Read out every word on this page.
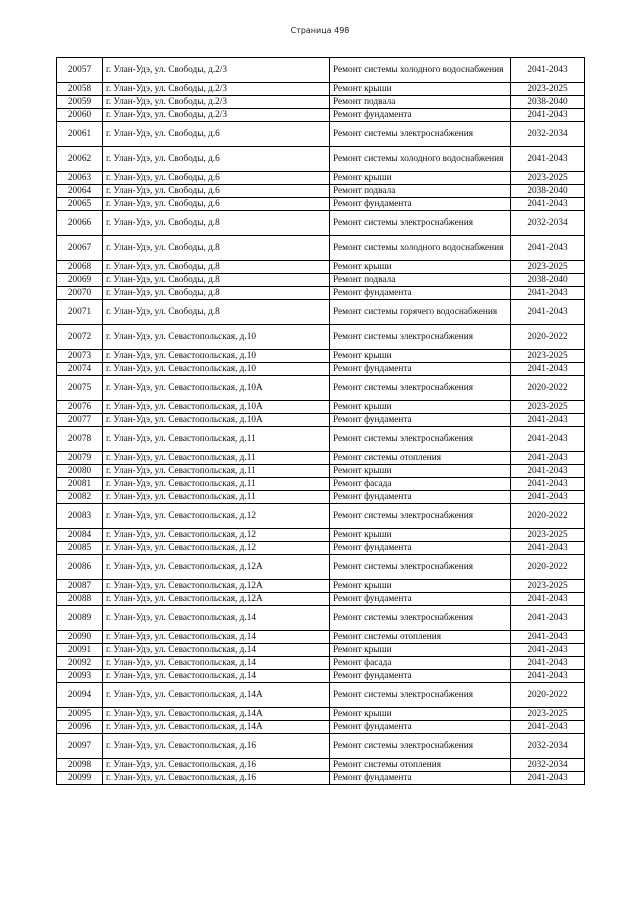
Страница 498
20057	г. Улан-Удэ, ул. Свободы, д.2/3	Ремонт системы холодного водоснабжения	2041-2043
20058	г. Улан-Удэ, ул. Свободы, д.2/3	Ремонт крыши	2023-2025
20059	г. Улан-Удэ, ул. Свободы, д.2/3	Ремонт подвала	2038-2040
20060	г. Улан-Удэ, ул. Свободы, д.2/3	Ремонт фундамента	2041-2043
20061	г. Улан-Удэ, ул. Свободы, д.6	Ремонт системы электроснабжения	2032-2034
20062	г. Улан-Удэ, ул. Свободы, д.6	Ремонт системы холодного водоснабжения	2041-2043
20063	г. Улан-Удэ, ул. Свободы, д.6	Ремонт крыши	2023-2025
20064	г. Улан-Удэ, ул. Свободы, д.6	Ремонт подвала	2038-2040
20065	г. Улан-Удэ, ул. Свободы, д.6	Ремонт фундамента	2041-2043
20066	г. Улан-Удэ, ул. Свободы, д.8	Ремонт системы электроснабжения	2032-2034
20067	г. Улан-Удэ, ул. Свободы, д.8	Ремонт системы холодного водоснабжения	2041-2043
20068	г. Улан-Удэ, ул. Свободы, д.8	Ремонт крыши	2023-2025
20069	г. Улан-Удэ, ул. Свободы, д.8	Ремонт подвала	2038-2040
20070	г. Улан-Удэ, ул. Свободы, д.8	Ремонт фундамента	2041-2043
20071	г. Улан-Удэ, ул. Свободы, д.8	Ремонт системы горячего водоснабжения	2041-2043
20072	г. Улан-Удэ, ул. Севастопольская, д.10	Ремонт системы электроснабжения	2020-2022
20073	г. Улан-Удэ, ул. Севастопольская, д.10	Ремонт крыши	2023-2025
20074	г. Улан-Удэ, ул. Севастопольская, д.10	Ремонт фундамента	2041-2043
20075	г. Улан-Удэ, ул. Севастопольская, д.10А	Ремонт системы электроснабжения	2020-2022
20076	г. Улан-Удэ, ул. Севастопольская, д.10А	Ремонт крыши	2023-2025
20077	г. Улан-Удэ, ул. Севастопольская, д.10А	Ремонт фундамента	2041-2043
20078	г. Улан-Удэ, ул. Севастопольская, д.11	Ремонт системы электроснабжения	2041-2043
20079	г. Улан-Удэ, ул. Севастопольская, д.11	Ремонт системы отопления	2041-2043
20080	г. Улан-Удэ, ул. Севастопольская, д.11	Ремонт крыши	2041-2043
20081	г. Улан-Удэ, ул. Севастопольская, д.11	Ремонт фасада	2041-2043
20082	г. Улан-Удэ, ул. Севастопольская, д.11	Ремонт фундамента	2041-2043
20083	г. Улан-Удэ, ул. Севастопольская, д.12	Ремонт системы электроснабжения	2020-2022
20084	г. Улан-Удэ, ул. Севастопольская, д.12	Ремонт крыши	2023-2025
20085	г. Улан-Удэ, ул. Севастопольская, д.12	Ремонт фундамента	2041-2043
20086	г. Улан-Удэ, ул. Севастопольская, д.12А	Ремонт системы электроснабжения	2020-2022
20087	г. Улан-Удэ, ул. Севастопольская, д.12А	Ремонт крыши	2023-2025
20088	г. Улан-Удэ, ул. Севастопольская, д.12А	Ремонт фундамента	2041-2043
20089	г. Улан-Удэ, ул. Севастопольская, д.14	Ремонт системы электроснабжения	2041-2043
20090	г. Улан-Удэ, ул. Севастопольская, д.14	Ремонт системы отопления	2041-2043
20091	г. Улан-Удэ, ул. Севастопольская, д.14	Ремонт крыши	2041-2043
20092	г. Улан-Удэ, ул. Севастопольская, д.14	Ремонт фасада	2041-2043
20093	г. Улан-Удэ, ул. Севастопольская, д.14	Ремонт фундамента	2041-2043
20094	г. Улан-Удэ, ул. Севастопольская, д.14А	Ремонт системы электроснабжения	2020-2022
20095	г. Улан-Удэ, ул. Севастопольская, д.14А	Ремонт крыши	2023-2025
20096	г. Улан-Удэ, ул. Севастопольская, д.14А	Ремонт фундамента	2041-2043
20097	г. Улан-Удэ, ул. Севастопольская, д.16	Ремонт системы электроснабжения	2032-2034
20098	г. Улан-Удэ, ул. Севастопольская, д.16	Ремонт системы отопления	2032-2034
20099	г. Улан-Удэ, ул. Севастопольская, д.16	Ремонт фундамента	2041-2043
